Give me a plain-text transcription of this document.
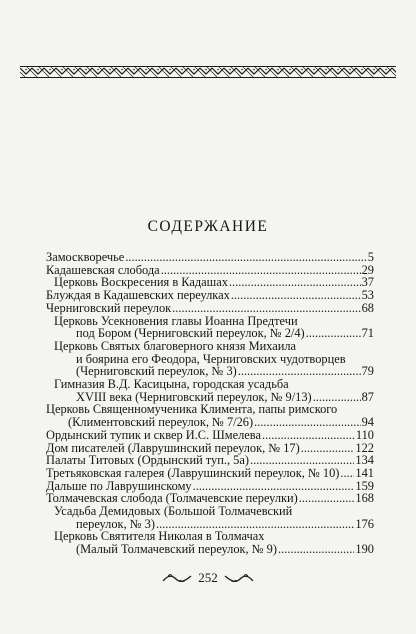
СОДЕРЖАНИЕ
Замоскворечье .....	5
Кадашевская слобода .....	29
Церковь Воскресения в Кадашах .....	37
Блуждая в Кадашевских переулках .....	53
Черниговский переулок .....	68
Церковь Усекновения главы Иоанна Предтечи
под Бором (Черниговский переулок, № 2/4) .....	71
Церковь Святых благоверного князя Михаила
и боярина его Феодора, Черниговских чудотворцев
(Черниговский переулок, № 3) .....	79
Гимназия В.Д. Касицына, городская усадьба
XVIII века (Черниговский переулок, № 9/13) .....	87
Церковь Священномученика Климента, папы римского
(Климентовский переулок, № 7/26) .....	94
Ордынский тупик и сквер И.С. Шмелева .....	110
Дом писателей (Лаврушинский переулок, № 17) .....	122
Палаты Титовых (Ордынский туп., 5а) .....	134
Третьяковская галерея (Лаврушинский переулок, № 10) ..... 141
Дальше по Лаврушинскому .....	159
Толмачевская слобода (Толмачевские переулки) .....	168
Усадьба Демидовых (Большой Толмачевский
переулок, № 3) .....	176
Церковь Святителя Николая в Толмачах
(Малый Толмачевский переулок, № 9) .....	190
252
